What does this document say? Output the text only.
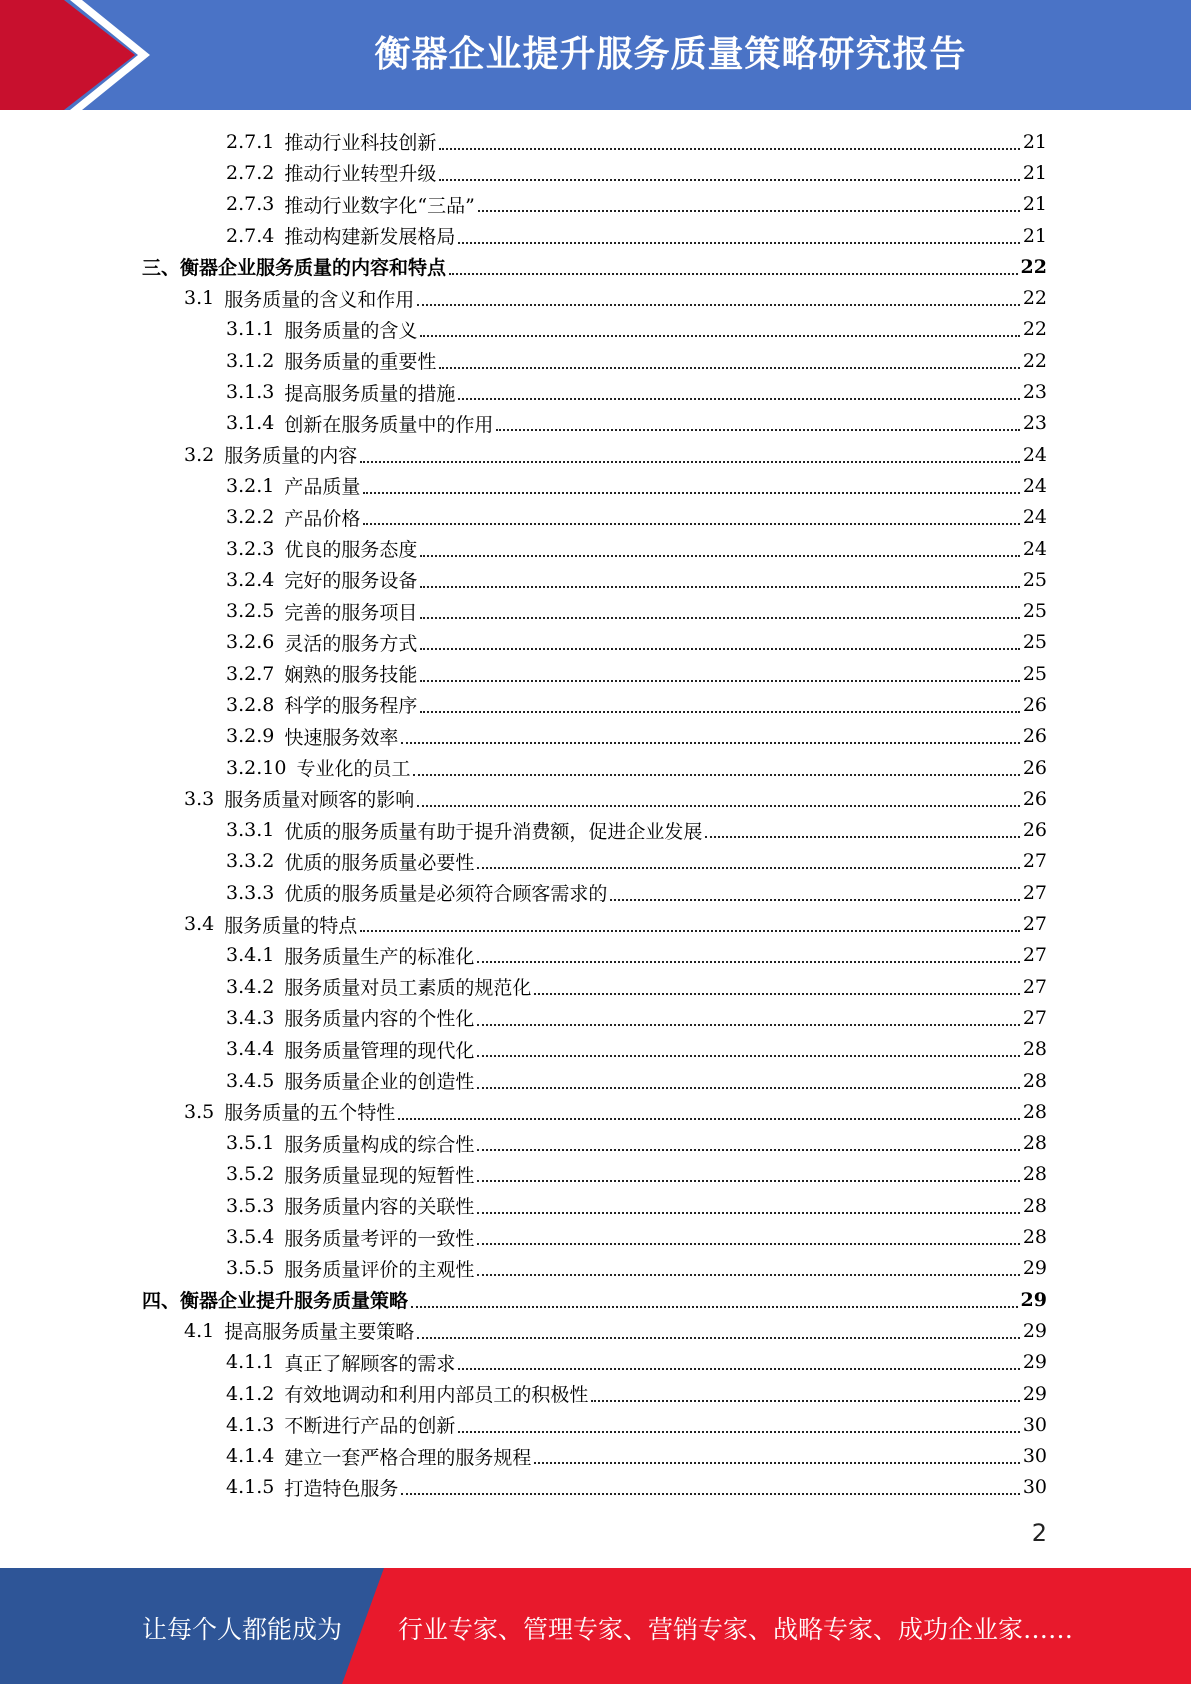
衡器企业提升服务质量策略研究报告
2.7.1 推动行业科技创新	21
2.7.2 推动行业转型升级	21
2.7.3 推动行业数字化“三品”	21
2.7.4 推动构建新发展格局	21
三、衡器企业服务质量的内容和特点	22
3.1 服务质量的含义和作用	22
3.1.1 服务质量的含义	22
3.1.2 服务质量的重要性	22
3.1.3 提高服务质量的措施	23
3.1.4 创新在服务质量中的作用	23
3.2 服务质量的内容	24
3.2.1 产品质量	24
3.2.2 产品价格	24
3.2.3 优良的服务态度	24
3.2.4 完好的服务设备	25
3.2.5 完善的服务项目	25
3.2.6 灵活的服务方式	25
3.2.7 娴熟的服务技能	25
3.2.8 科学的服务程序	26
3.2.9 快速服务效率	26
3.2.10 专业化的员工	26
3.3 服务质量对顾客的影响	26
3.3.1 优质的服务质量有助于提升消费额，促进企业发展	26
3.3.2 优质的服务质量必要性	27
3.3.3 优质的服务质量是必须符合顾客需求的	27
3.4 服务质量的特点	27
3.4.1 服务质量生产的标准化	27
3.4.2 服务质量对员工素质的规范化	27
3.4.3 服务质量内容的个性化	27
3.4.4 服务质量管理的现代化	28
3.4.5 服务质量企业的创造性	28
3.5 服务质量的五个特性	28
3.5.1 服务质量构成的综合性	28
3.5.2 服务质量显现的短暂性	28
3.5.3 服务质量内容的关联性	28
3.5.4 服务质量考评的一致性	28
3.5.5 服务质量评价的主观性	29
四、衡器企业提升服务质量策略	29
4.1 提高服务质量主要策略	29
4.1.1 真正了解顾客的需求	29
4.1.2 有效地调动和利用内部员工的积极性	29
4.1.3 不断进行产品的创新	30
4.1.4 建立一套严格合理的服务规程	30
4.1.5 打造特色服务	30
2
让每个人都能成为 行业专家、管理专家、营销专家、战略专家、成功企业家……
